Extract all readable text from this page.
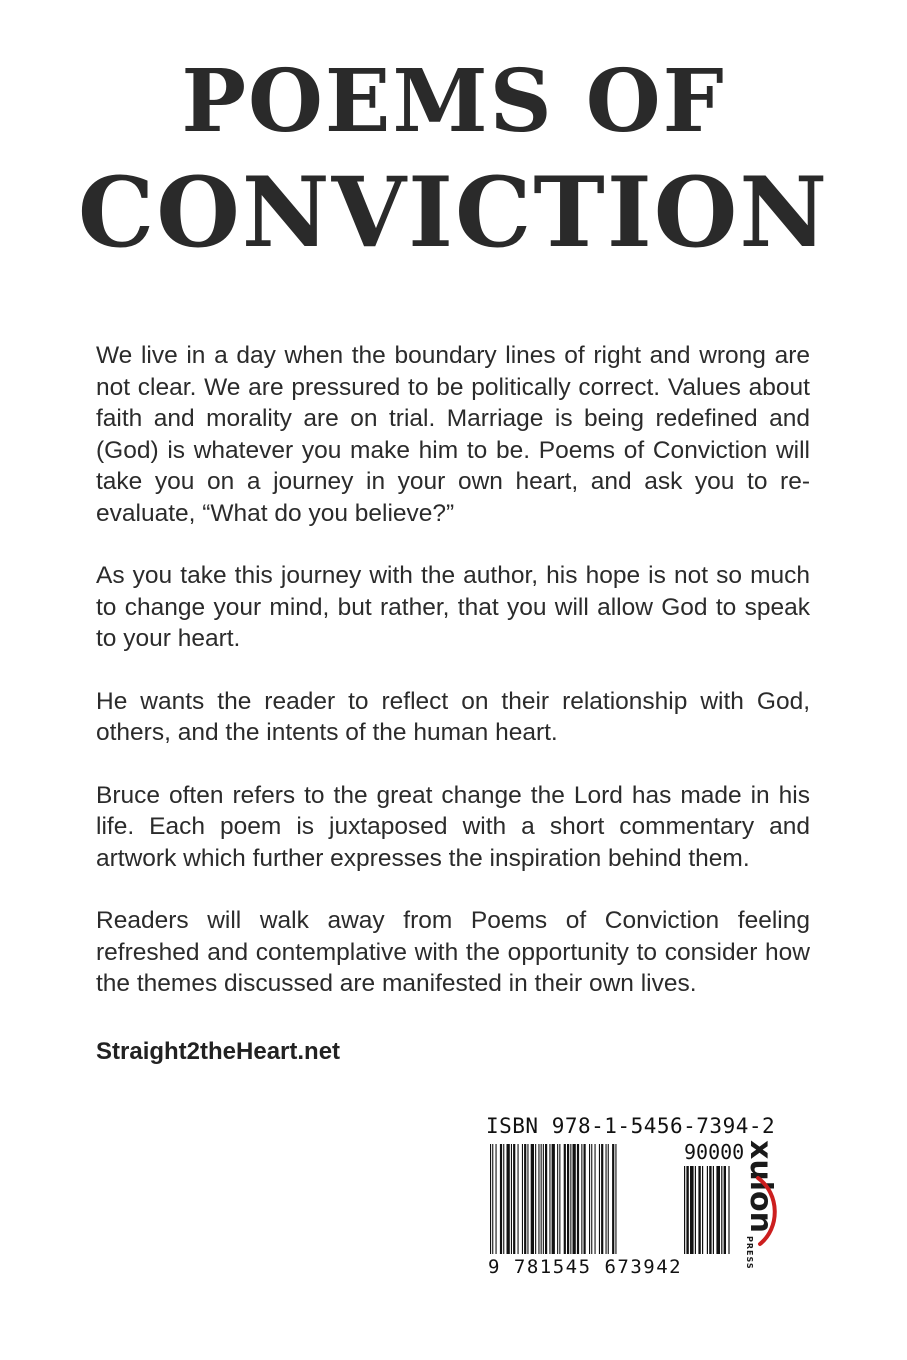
POEMS OF
CONVICTION

We live in a day when the boundary lines of right and wrong are not clear. We are pressured to be politically correct. Values about faith and morality are on trial. Marriage is being redefined and (God) is whatever you make him to be. Poems of Conviction will take you on a journey in your own heart, and ask you to re-evaluate, “What do you believe?”

As you take this journey with the author, his hope is not so much to change your mind, but rather, that you will allow God to speak to your heart.

He wants the reader to reflect on their relationship with God, others, and the intents of the human heart.

Bruce often refers to the great change the Lord has made in his life. Each poem is juxtaposed with a short commentary and artwork which further expresses the inspiration behind them.

Readers will walk away from Poems of Conviction feeling refreshed and contemplative with the opportunity to consider how the themes discussed are manifested in their own lives.

Straight2theHeart.net
ISBN 978-1-5456-7394-2
90000
9 781545 673942
xulon
PRESS
